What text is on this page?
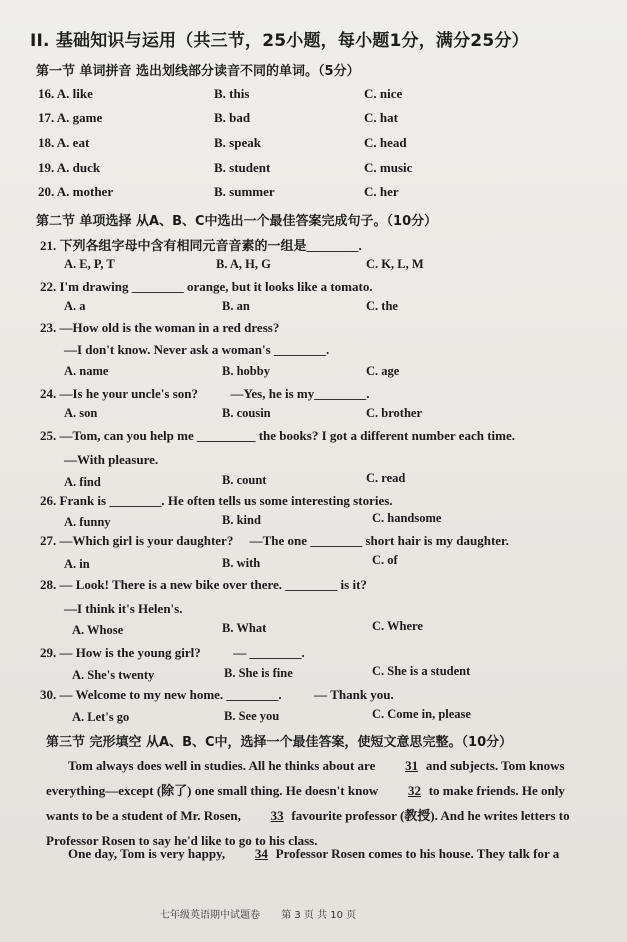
II. 基础知识与运用（共三节，25小题，每小题1分，满分25分）
第一节 单词拼音 选出划线部分读音不同的单词。（5分）
16. A. like	B. this	C. nice
17. A. game	B. bad	C. hat
18. A. eat	B. speak	C. head
19. A. duck	B. student	C. music
20. A. mother	B. summer	C. her
第二节 单项选择 从A、B、C中选出一个最佳答案完成句子。（10分）
21. 下列各组字母中含有相同元音音素的一组是________.
A. E, P, T	B. A, H, G	C. K, L, M
22. I'm drawing ________ orange, but it looks like a tomato.
A. a	B. an	C. the
23. —How old is the woman in a red dress?
—I don't know. Never ask a woman's ________.
A. name	B. hobby	C. age
24. —Is he your uncle's son?          —Yes, he is my________.
A. son	B. cousin	C. brother
25. —Tom, can you help me _________ the books? I got a different number each time.
—With pleasure.
A. find	B. count	C. read
26. Frank is ________. He often tells us some interesting stories.
A. funny	B. kind	C. handsome
27. —Which girl is your daughter?     —The one ________ short hair is my daughter.
A. in	B. with	C. of
28. — Look! There is a new bike over there. ________ is it?
—I think it's Helen's.
A. Whose	B. What	C. Where
29. — How is the young girl?          — ________.
A. She's twenty	B. She is fine	C. She is a student
30. — Welcome to my new home. ________.          — Thank you.
A. Let's go	B. See you	C. Come in, please
第三节 完形填空 从A、B、C中，选择一个最佳答案，使短文意思完整。（10分）
Tom always does well in studies. All he thinks about are 31 and subjects. Tom knows everything—except (除了) one small thing. He doesn't know 32 to make friends. He only wants to be a student of Mr. Rosen, 33 favourite professor (教授). And he writes letters to Professor Rosen to say he'd like to go to his class.
One day, Tom is very happy, 34 Professor Rosen comes to his house. They talk for a
七年级英语期中试题卷 第 3 页 共 10 页
